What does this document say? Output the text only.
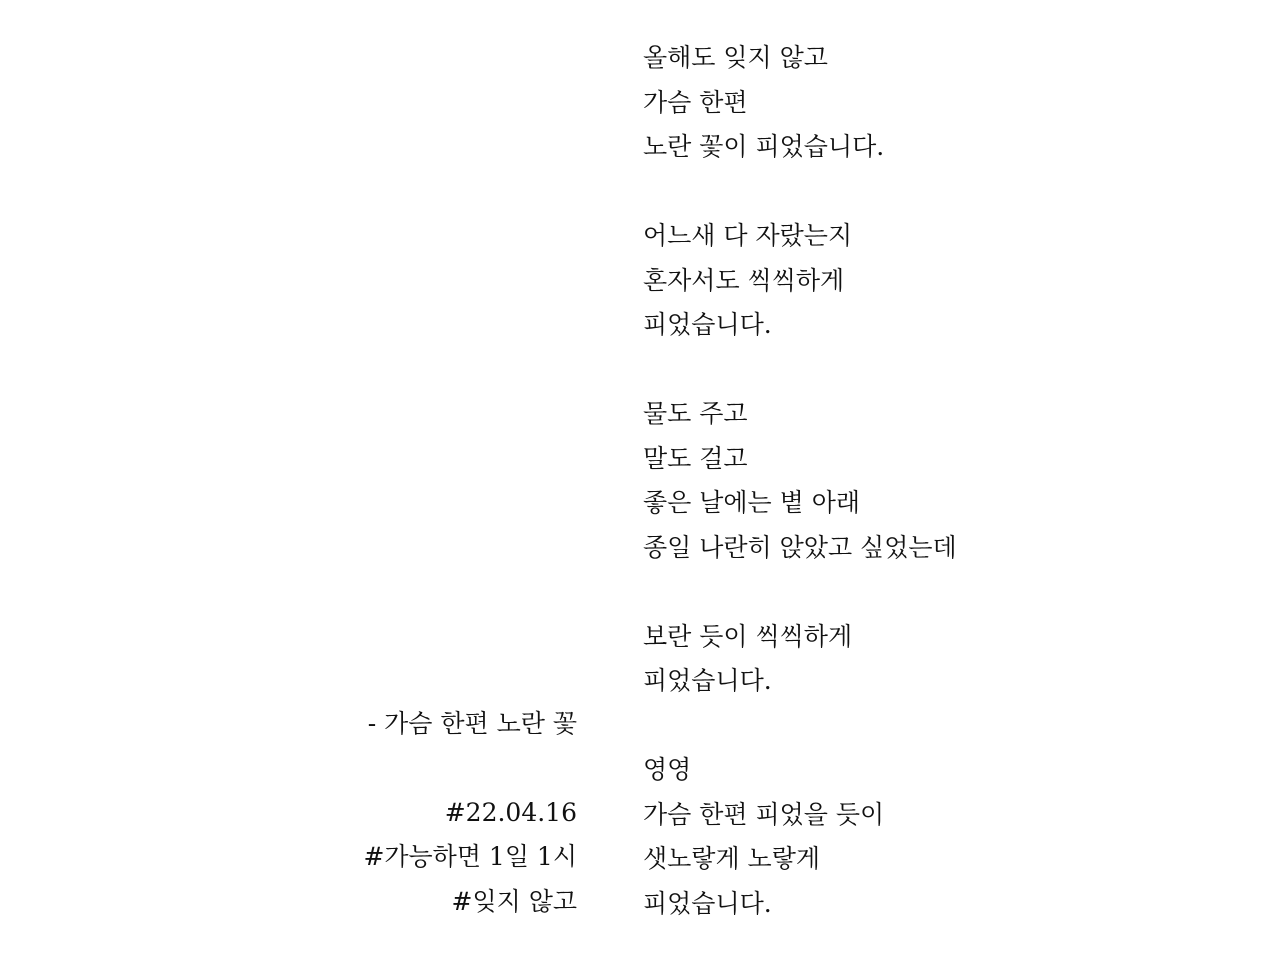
올해도 잊지 않고
가슴 한편
노란 꽃이 피었습니다.
어느새 다 자랐는지
혼자서도 씩씩하게
피었습니다.
물도 주고
말도 걸고
좋은 날에는 볕 아래
종일 나란히 앉았고 싶었는데
보란 듯이 씩씩하게
피었습니다.
영영
가슴 한편 피었을 듯이
샛노랗게 노랗게
피었습니다.
- 가슴 한편 노란 꽃
#22.04.16
#가능하면 1일 1시
#잊지 않고
